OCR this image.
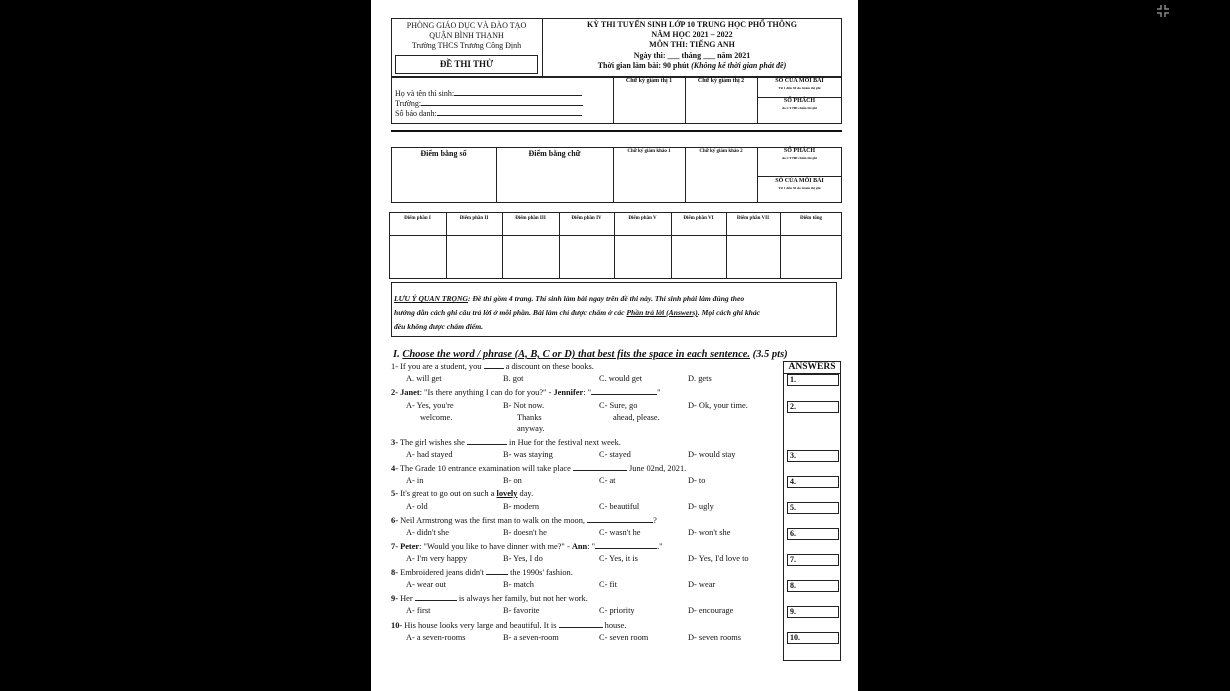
PHÒNG GIÁO DỤC VÀ ĐÀO TẠO
QUẬN BÌNH THẠNH
Trường THCS Trương Công Định
ĐỀ THI THỬ
KỲ THI TUYỂN SINH LỚP 10 TRUNG HỌC PHỔ THÔNG
NĂM HỌC 2021 – 2022
MÔN THI: TIẾNG ANH
Ngày thi: ___ tháng ___ năm 2021
Thời gian làm bài: 90 phút (Không kể thời gian phát đề)
Họ và tên thí sinh:
Trường:
Số báo danh:
Chữ ký giám thị 1	Chữ ký giám thị 2	SỐ CỦA MỖI BÀI
Từ 1 đến 30 do Giám thị ghi
SỐ PHÁCH
do CT HĐ chấm thi ghi
Điểm bằng số	Điểm bằng chữ	Chữ ký giám khảo 1	Chữ ký giám khảo 2	SỐ PHÁCH
do CT HĐ chấm thi ghi
SỐ CỦA MỖI BÀI
Từ 1 đến 30 do Giám thị ghi
Điểm phần I	Điểm phần II	Điểm phần III	Điểm phần IV	Điểm phần V	Điểm phần VI	Điểm phần VII	Điểm tổng
LƯU Ý QUAN TRỌNG: Đề thi gồm 4 trang. Thí sinh làm bài ngay trên đề thi này. Thí sinh phải làm đúng theo
hướng dẫn cách ghi câu trả lời ở mỗi phần. Bài làm chỉ được chấm ở các Phần trả lời (Answers). Mọi cách ghi khác
đều không được chấm điểm.
I. Choose the word / phrase (A, B, C or D) that best fits the space in each sentence. (3.5 pts)
ANSWERS
1.
2.
3.
4.
5.
6.
7.
8.
9.
10.
1- If you are a student, you	a discount on these books.
A. will get	B. got	C. would get	D. gets
2- Janet: "Is there anything I can do for you?" - Jennifer: "	"
A- Yes, you're	B- Not now.	C- Sure, go	D- Ok, your time.
welcome.	Thanks	ahead, please.
anyway.
3- The girl wishes she	in Hue for the festival next week.
A- had stayed	B- was staying	C- stayed	D- would stay
4- The Grade 10 entrance examination will take place	June 02nd, 2021.
A- in	B- on	C- at	D- to
5- It's great to go out on such a lovely day.
A- old	B- modern	C- beautiful	D- ugly
6- Neil Armstrong was the first man to walk on the moon,	?
A- didn't she	B- doesn't he	C- wasn't he	D- won't she
7- Peter: "Would you like to have dinner with me?" - Ann: "	."
A- I'm very happy	B- Yes, I do	C- Yes, it is	D- Yes, I'd love to
8- Embroidered jeans didn't	the 1990s' fashion.
A- wear out	B- match	C- fit	D- wear
9- Her	is always her family, but not her work.
A- first	B- favorite	C- priority	D- encourage
10- His house looks very large and beautiful. It is	house.
A- a seven-rooms	B- a seven-room	C- seven room	D- seven rooms
